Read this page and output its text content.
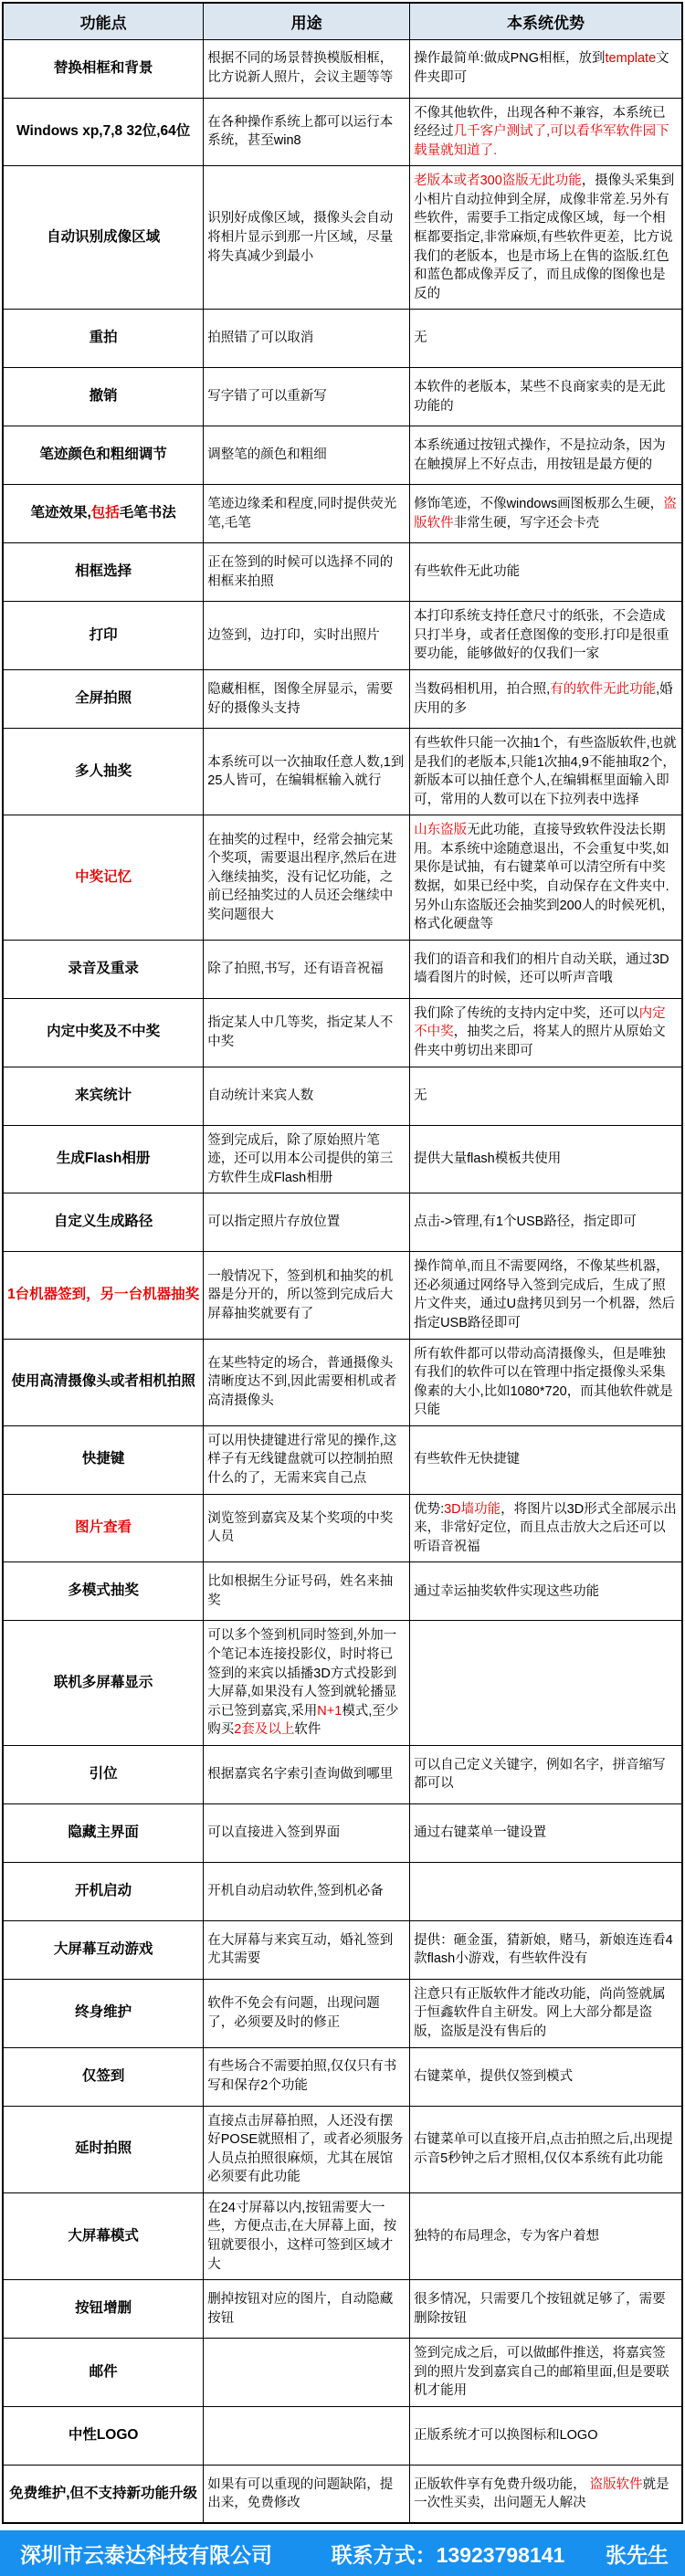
功能点	用途	本系统优势
替换相框和背景	根据不同的场景替换模版相框，比方说新人照片，会议主题等等	操作最简单:做成PNG相框，放到template文件夹即可
Windows xp,7,8 32位,64位	在各种操作系统上都可以运行本系统，甚至win8	不像其他软件，出现各种不兼容，本系统已经经过几千客户测试了,可以看华军软件园下载量就知道了.
自动识别成像区域	识别好成像区域，摄像头会自动将相片显示到那一片区域，尽量将失真减少到最小	老版本或者300盗版无此功能，摄像头采集到小相片自动拉伸到全屏，成像非常差.另外有些软件，需要手工指定成像区域，每一个相框都要指定,非常麻烦,有些软件更差，比方说我们的老版本，也是市场上在售的盗版.红色和蓝色都成像弄反了，而且成像的图像也是反的
重拍	拍照错了可以取消	无
撤销	写字错了可以重新写	本软件的老版本，某些不良商家卖的是无此功能的
笔迹颜色和粗细调节	调整笔的颜色和粗细	本系统通过按钮式操作，不是拉动条，因为在触摸屏上不好点击，用按钮是最方便的
笔迹效果,包括毛笔书法	笔迹边缘柔和程度,同时提供荧光笔,毛笔	修饰笔迹，不像windows画图板那么生硬，盗版软件非常生硬，写字还会卡壳
相框选择	正在签到的时候可以选择不同的相框来拍照	有些软件无此功能
打印	边签到，边打印，实时出照片	本打印系统支持任意尺寸的纸张，不会造成只打半身，或者任意图像的变形.打印是很重要功能，能够做好的仅我们一家
全屏拍照	隐藏相框，图像全屏显示，需要好的摄像头支持	当数码相机用，拍合照,有的软件无此功能,婚庆用的多
多人抽奖	本系统可以一次抽取任意人数,1到25人皆可，在编辑框输入就行	有些软件只能一次抽1个，有些盗版软件,也就是我们的老版本,只能1次抽4,9不能抽取2个，新版本可以抽任意个人,在编辑框里面输入即可，常用的人数可以在下拉列表中选择
中奖记忆	在抽奖的过程中，经常会抽完某个奖项，需要退出程序,然后在进入继续抽奖，没有记忆功能，之前已经抽奖过的人员还会继续中奖问题很大	山东盗版无此功能，直接导致软件没法长期用。本系统中途随意退出，不会重复中奖,如果你是试抽，有右键菜单可以清空所有中奖数据，如果已经中奖，自动保存在文件夹中.另外山东盗版还会抽奖到200人的时候死机，格式化硬盘等
录音及重录	除了拍照,书写，还有语音祝福	我们的语音和我们的相片自动关联，通过3D墙看图片的时候，还可以听声音哦
内定中奖及不中奖	指定某人中几等奖，指定某人不中奖	我们除了传统的支持内定中奖，还可以内定不中奖，抽奖之后，将某人的照片从原始文件夹中剪切出来即可
来宾统计	自动统计来宾人数	无
生成Flash相册	签到完成后，除了原始照片笔迹，还可以用本公司提供的第三方软件生成Flash相册	提供大量flash模板共使用
自定义生成路径	可以指定照片存放位置	点击->管理,有1个USB路径，指定即可
1台机器签到，另一台机器抽奖	一般情况下，签到机和抽奖的机器是分开的，所以签到完成后大屏幕抽奖就要有了	操作简单,而且不需要网络，不像某些机器，还必须通过网络导入签到完成后，生成了照片文件夹，通过U盘拷贝到另一个机器，然后指定USB路径即可
使用高清摄像头或者相机拍照	在某些特定的场合，普通摄像头清晰度达不到,因此需要相机或者高清摄像头	所有软件都可以带动高清摄像头，但是唯独有我们的软件可以在管理中指定摄像头采集像素的大小,比如1080*720，而其他软件就是只能
快捷键	可以用快捷键进行常见的操作,这样子有无线键盘就可以控制拍照什么的了，无需来宾自己点	有些软件无快捷键
图片查看	浏览签到嘉宾及某个奖项的中奖人员	优势:3D墙功能，将图片以3D形式全部展示出来，非常好定位，而且点击放大之后还可以听语音祝福
多模式抽奖	比如根据生分证号码，姓名来抽奖	通过幸运抽奖软件实现这些功能
联机多屏幕显示	可以多个签到机同时签到,外加一个笔记本连接投影仪，时时将已签到的来宾以插播3D方式投影到大屏幕,如果没有人签到就轮播显示已签到嘉宾,采用N+1模式,至少购买2套及以上软件	
引位	根据嘉宾名字索引查询做到哪里	可以自己定义关键字，例如名字，拼音缩写都可以
隐藏主界面	可以直接进入签到界面	通过右键菜单一键设置
开机启动	开机自动启动软件,签到机必备	
大屏幕互动游戏	在大屏幕与来宾互动，婚礼签到尤其需要	提供：砸金蛋，猜新娘，赌马，新娘连连看4款flash小游戏，有些软件没有
终身维护	软件不免会有问题，出现问题了，必须要及时的修正	注意只有正版软件才能改功能，尚尚签就属于恒鑫软件自主研发。网上大部分都是盗版，盗版是没有售后的
仅签到	有些场合不需要拍照,仅仅只有书写和保存2个功能	右键菜单，提供仅签到模式
延时拍照	直接点击屏幕拍照，人还没有摆好POSE就照相了，或者必须服务人员点拍照很麻烦，尤其在展馆必须要有此功能	右键菜单可以直接开启,点击拍照之后,出现提示音5秒钟之后才照相,仅仅本系统有此功能
大屏幕模式	在24寸屏幕以内,按钮需要大一些，方便点击,在大屏幕上面，按钮就要很小，这样可签到区域才大	独特的布局理念，专为客户着想
按钮增删	删掉按钮对应的图片，自动隐藏按钮	很多情况，只需要几个按钮就足够了，需要删除按钮
邮件		签到完成之后，可以做邮件推送，将嘉宾签到的照片发到嘉宾自己的邮箱里面,但是要联机才能用
中性LOGO		正版系统才可以换图标和LOGO
免费维护,但不支持新功能升级	如果有可以重现的问题缺陷，提出来，免费修改	正版软件享有免费升级功能， 盗版软件就是一次性买卖，出问题无人解决
深圳市云泰达科技有限公司	联系方式：13923798141 张先生
